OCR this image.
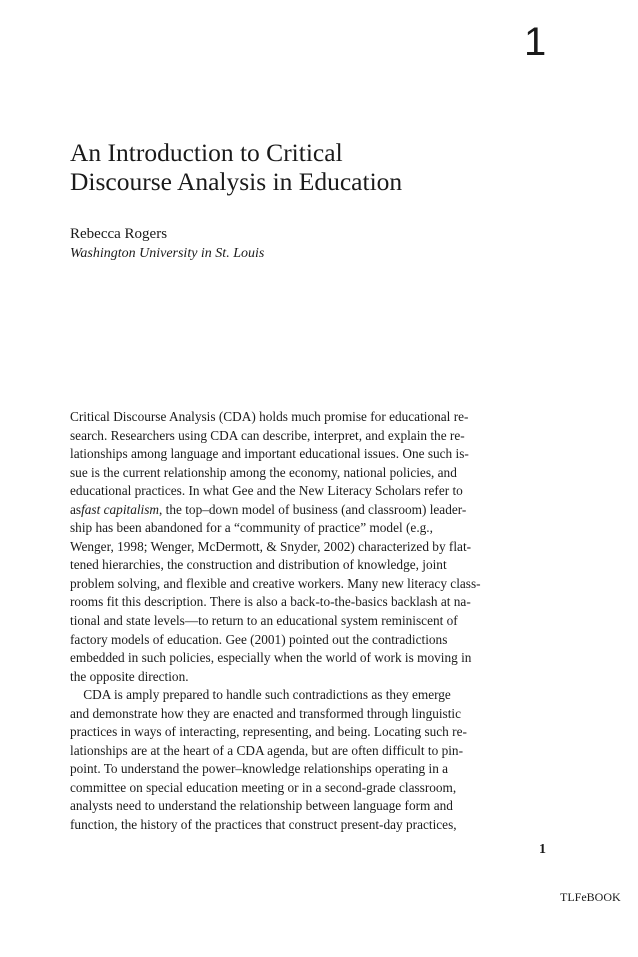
1
An Introduction to Critical
Discourse Analysis in Education
Rebecca Rogers
Washington University in St. Louis
Critical Discourse Analysis (CDA) holds much promise for educational re-
search. Researchers using CDA can describe, interpret, and explain the re-
lationships among language and important educational issues. One such is-
sue is the current relationship among the economy, national policies, and
educational practices. In what Gee and the New Literacy Scholars refer to
asfast capitalism, the top–down model of business (and classroom) leader-
ship has been abandoned for a “community of practice” model (e.g.,
Wenger, 1998; Wenger, McDermott, & Snyder, 2002) characterized by flat-
tened hierarchies, the construction and distribution of knowledge, joint
problem solving, and flexible and creative workers. Many new literacy class-
rooms fit this description. There is also a back-to-the-basics backlash at na-
tional and state levels—to return to an educational system reminiscent of
factory models of education. Gee (2001) pointed out the contradictions
embedded in such policies, especially when the world of work is moving in
the opposite direction.
CDA is amply prepared to handle such contradictions as they emerge
and demonstrate how they are enacted and transformed through linguistic
practices in ways of interacting, representing, and being. Locating such re-
lationships are at the heart of a CDA agenda, but are often difficult to pin-
point. To understand the power–knowledge relationships operating in a
committee on special education meeting or in a second-grade classroom,
analysts need to understand the relationship between language form and
function, the history of the practices that construct present-day practices,
1
TLFeBOOK
